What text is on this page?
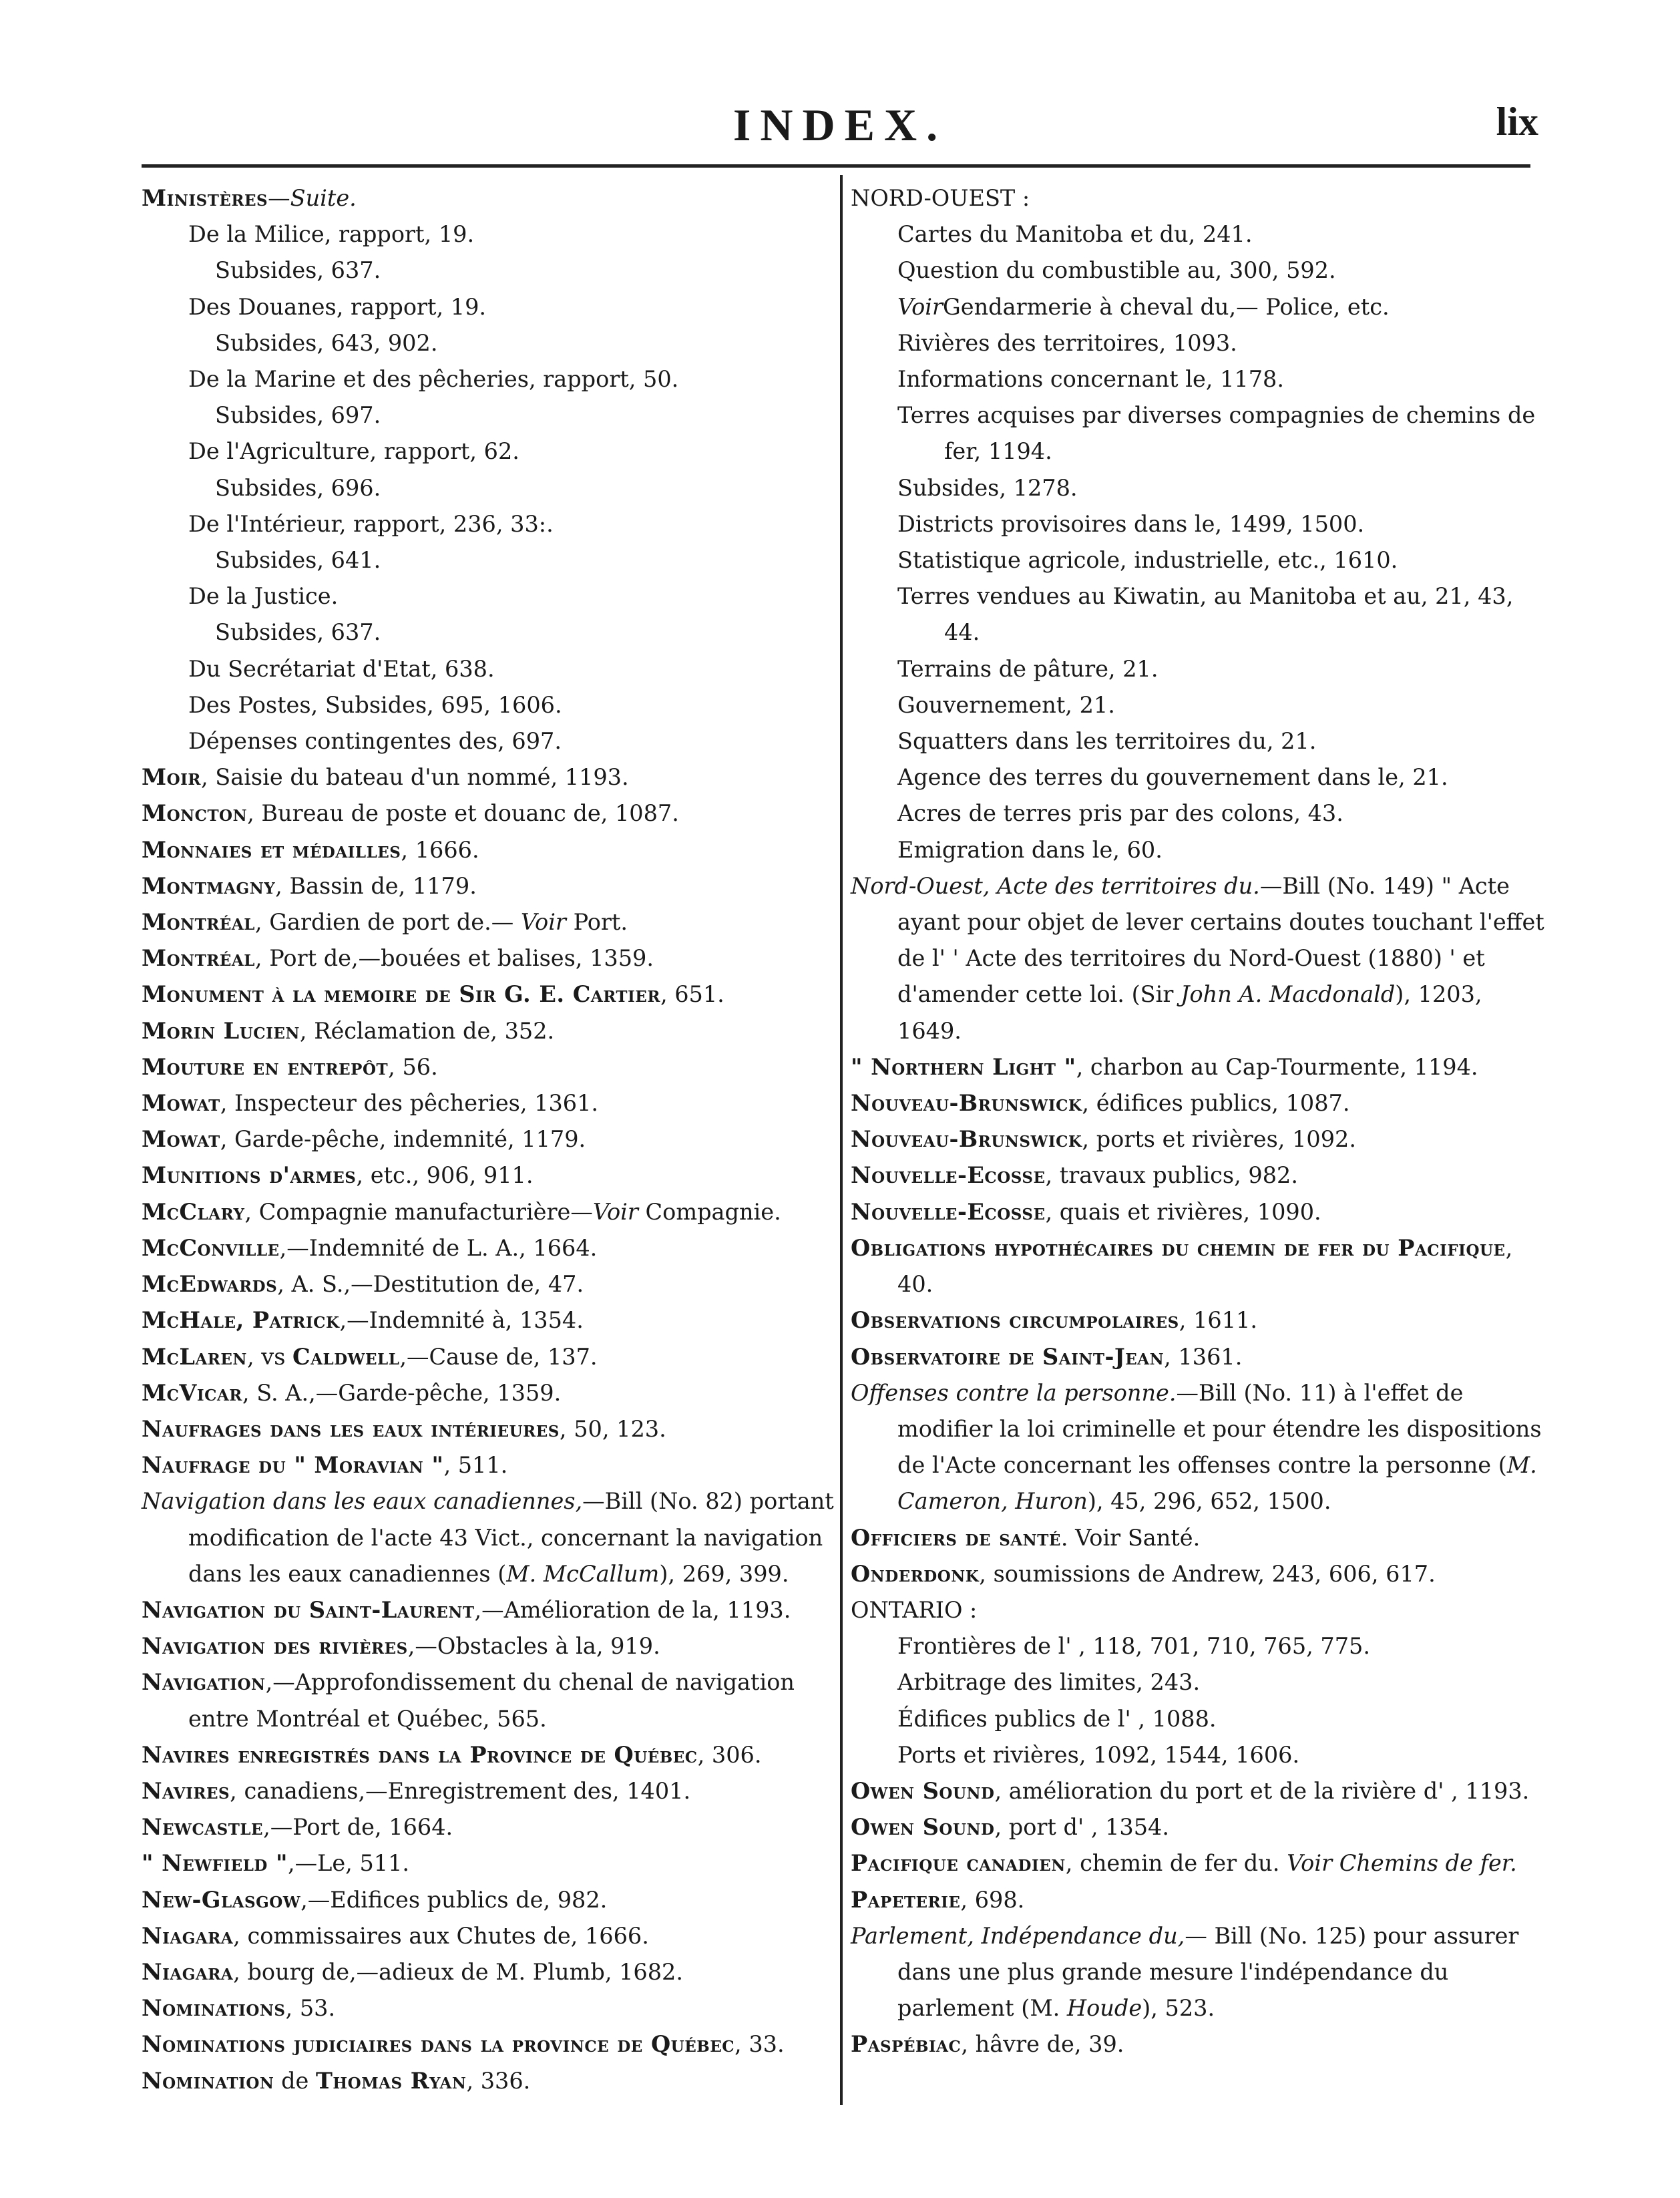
INDEX.	lix
Ministères—Suite.
De la Milice, rapport, 19.
Subsides, 637.
Des Douanes, rapport, 19.
Subsides, 643, 902.
De la Marine et des pêcheries, rapport, 50.
Subsides, 697.
De l'Agriculture, rapport, 62.
Subsides, 696.
De l'Intérieur, rapport, 236, 33:.
Subsides, 641.
De la Justice.
Subsides, 637.
Du Secrétariat d'Etat, 638.
Des Postes, Subsides, 695, 1606.
Dépenses contingentes des, 697.
Moir, Saisie du bateau d'un nommé, 1193.
Moncton, Bureau de poste et douanc de, 1087.
Monnaies et médailles, 1666.
Montmagny, Bassin de, 1179.
Montréal, Gardien de port de.— Voir Port.
Montréal, Port de,—bouées et balises, 1359.
Monument à la memoire de Sir G. E. Cartier, 651.
Morin Lucien, Réclamation de, 352.
Mouture en entrepôt, 56.
Mowat, Inspecteur des pêcheries, 1361.
Mowat, Garde-pêche, indemnité, 1179.
Munitions d'armes, etc., 906, 911.
McClary, Compagnie manufacturière—Voir Compagnie.
McConville,—Indemnité de L. A., 1664.
McEdwards, A. S.,—Destitution de, 47.
McHale, Patrick,—Indemnité à, 1354.
McLaren, vs Caldwell,—Cause de, 137.
McVicar, S. A.,—Garde-pêche, 1359.
Naufrages dans les eaux intérieures, 50, 123.
Naufrage du " Moravian ", 511.
Navigation dans les eaux canadiennes,—Bill (No. 82) portant modification de l'acte 43 Vict., concernant la navigation dans les eaux canadiennes (M. McCallum), 269, 399.
Navigation du Saint-Laurent,—Amélioration de la, 1193.
Navigation des rivières,—Obstacles à la, 919.
Navigation,—Approfondissement du chenal de navigation entre Montréal et Québec, 565.
Navires enregistrés dans la Province de Québec, 306.
Navires, canadiens,—Enregistrement des, 1401.
Newcastle,—Port de, 1664.
" Newfield ",—Le, 511.
New-Glasgow,—Edifices publics de, 982.
Niagara, commissaires aux Chutes de, 1666.
Niagara, bourg de,—adieux de M. Plumb, 1682.
Nominations, 53.
Nominations judiciaires dans la province de Québec, 33.
Nomination de Thomas Ryan, 336.
NORD-OUEST :
Cartes du Manitoba et du, 241.
Question du combustible au, 300, 592.
VoirGendarmerie à cheval du,— Police, etc.
Rivières des territoires, 1093.
Informations concernant le, 1178.
Terres acquises par diverses compagnies de chemins de fer, 1194.
Subsides, 1278.
Districts provisoires dans le, 1499, 1500.
Statistique agricole, industrielle, etc., 1610.
Terres vendues au Kiwatin, au Manitoba et au, 21, 43, 44.
Terrains de pâture, 21.
Gouvernement, 21.
Squatters dans les territoires du, 21.
Agence des terres du gouvernement dans le, 21.
Acres de terres pris par des colons, 43.
Emigration dans le, 60.
Nord-Ouest, Acte des territoires du.—Bill (No. 149) " Acte ayant pour objet de lever certains doutes touchant l'effet de l' ' Acte des territoires du Nord-Ouest (1880) ' et d'amender cette loi. (Sir John A. Macdonald), 1203, 1649.
" Northern Light ", charbon au Cap-Tourmente, 1194.
Nouveau-Brunswick, édifices publics, 1087.
Nouveau-Brunswick, ports et rivières, 1092.
Nouvelle-Ecosse, travaux publics, 982.
Nouvelle-Ecosse, quais et rivières, 1090.
Obligations hypothécaires du chemin de fer du Pacifique, 40.
Observations circumpolaires, 1611.
Observatoire de Saint-Jean, 1361.
Offenses contre la personne.—Bill (No. 11) à l'effet de modifier la loi criminelle et pour étendre les dispositions de l'Acte concernant les offenses contre la personne (M. Cameron, Huron), 45, 296, 652, 1500.
Officiers de santé. Voir Santé.
Onderdonk, soumissions de Andrew, 243, 606, 617.
ONTARIO :
Frontières de l' , 118, 701, 710, 765, 775.
Arbitrage des limites, 243.
Édifices publics de l' , 1088.
Ports et rivières, 1092, 1544, 1606.
Owen Sound, amélioration du port et de la rivière d' , 1193.
Owen Sound, port d' , 1354.
Pacifique canadien, chemin de fer du. Voir Chemins de fer.
Papeterie, 698.
Parlement, Indépendance du,— Bill (No. 125) pour assurer dans une plus grande mesure l'indépendance du parlement (M. Houde), 523.
Paspébiac, hâvre de, 39.
